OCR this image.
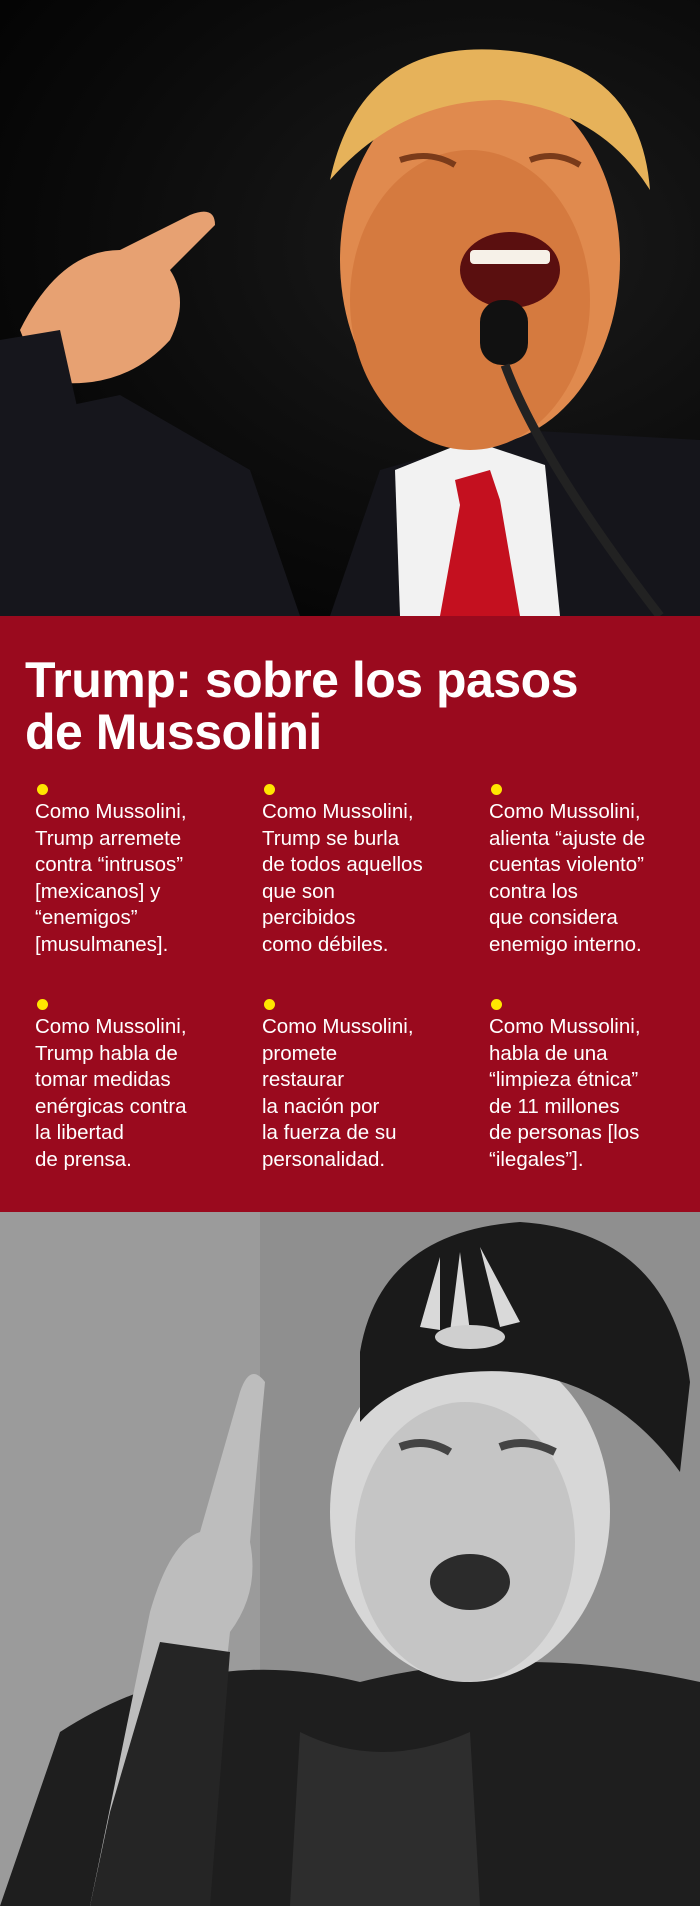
Trump: sobre los pasos
de Mussolini

Como Mussolini,
Trump arremete
contra “intrusos”
[mexicanos] y
“enemigos”
[musulmanes].

Como Mussolini,
Trump se burla
de todos aquellos
que son
percibidos
como débiles.

Como Mussolini,
alienta “ajuste de
cuentas violento”
contra los
que considera
enemigo interno.

Como Mussolini,
Trump habla de
tomar medidas
enérgicas contra
la libertad
de prensa.

Como Mussolini,
promete
restaurar
la nación por
la fuerza de su
personalidad.

Como Mussolini,
habla de una
“limpieza étnica”
de 11 millones
de personas [los
“ilegales”].
